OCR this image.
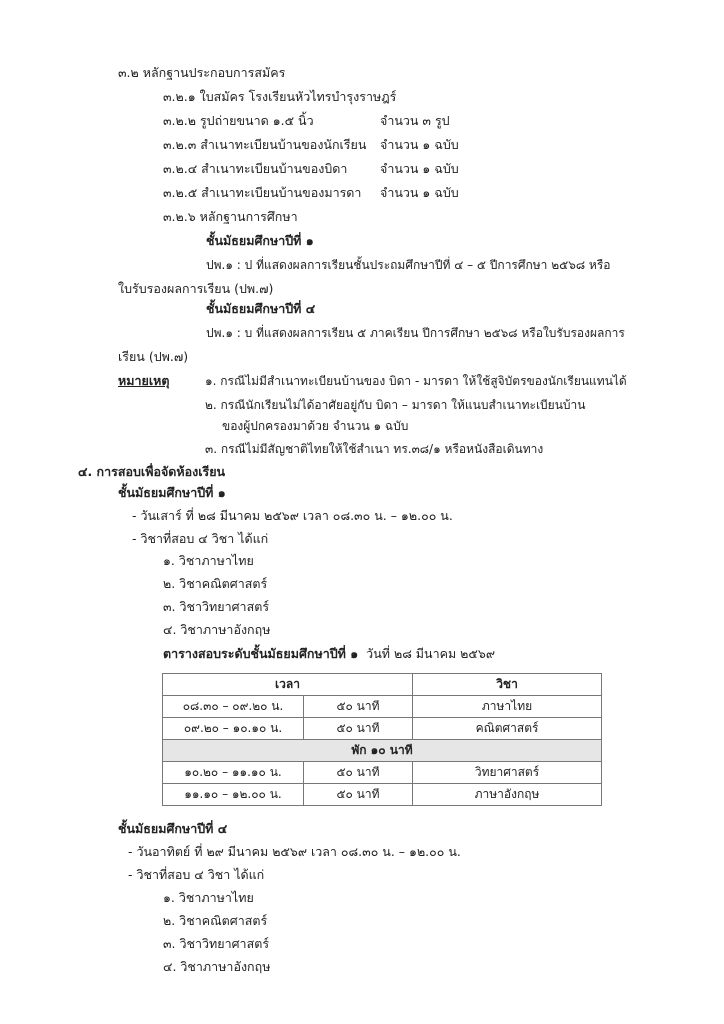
๓.๒ หลักฐานประกอบการสมัคร
๓.๒.๑ ใบสมัคร โรงเรียนหัวไทรบำรุงราษฎร์
๓.๒.๒ รูปถ่ายขนาด ๑.๕ นิ้ว	จำนวน ๓ รูป
๓.๒.๓ สำเนาทะเบียนบ้านของนักเรียน จำนวน ๑ ฉบับ
๓.๒.๔ สำเนาทะเบียนบ้านของบิดา	จำนวน ๑ ฉบับ
๓.๒.๕ สำเนาทะเบียนบ้านของมารดา จำนวน ๑ ฉบับ
๓.๒.๖ หลักฐานการศึกษา
ชั้นมัธยมศึกษาปีที่ ๑
ปพ.๑ : ป ที่แสดงผลการเรียนชั้นประถมศึกษาปีที่ ๔ – ๕ ปีการศึกษา ๒๕๖๘ หรือ
ใบรับรองผลการเรียน (ปพ.๗)
ชั้นมัธยมศึกษาปีที่ ๔
ปพ.๑ : บ ที่แสดงผลการเรียน ๕ ภาคเรียน ปีการศึกษา ๒๕๖๘ หรือใบรับรองผลการ
เรียน (ปพ.๗)
หมายเหตุ	๑. กรณีไม่มีสำเนาทะเบียนบ้านของ บิดา - มารดา ให้ใช้สูจิบัตรของนักเรียนแทนได้
๒. กรณีนักเรียนไม่ได้อาศัยอยู่กับ บิดา – มารดา ให้แนบสำเนาทะเบียนบ้าน
ของผู้ปกครองมาด้วย จำนวน ๑ ฉบับ
๓. กรณีไม่มีสัญชาติไทยให้ใช้สำเนา ทร.๓๘/๑ หรือหนังสือเดินทาง
๔. การสอบเพื่อจัดห้องเรียน
ชั้นมัธยมศึกษาปีที่ ๑
- วันเสาร์ ที่ ๒๘ มีนาคม ๒๕๖๙ เวลา ๐๘.๓๐ น. – ๑๒.๐๐ น.
- วิชาที่สอบ ๔ วิชา ได้แก่
๑. วิชาภาษาไทย
๒. วิชาคณิตศาสตร์
๓. วิชาวิทยาศาสตร์
๔. วิชาภาษาอังกฤษ
ตารางสอบระดับชั้นมัธยมศึกษาปีที่ ๑ วันที่ ๒๘ มีนาคม ๒๕๖๙
เวลา		วิชา
๐๘.๓๐ – ๐๙.๒๐ น.	๕๐ นาที	ภาษาไทย
๐๙.๒๐ – ๑๐.๑๐ น.	๕๐ นาที	คณิตศาสตร์
พัก ๑๐ นาที		
๑๐.๒๐ – ๑๑.๑๐ น.	๕๐ นาที	วิทยาศาสตร์
๑๑.๑๐ – ๑๒.๐๐ น.	๕๐ นาที	ภาษาอังกฤษ
ชั้นมัธยมศึกษาปีที่ ๔
- วันอาทิตย์ ที่ ๒๙ มีนาคม ๒๕๖๙ เวลา ๐๘.๓๐ น. – ๑๒.๐๐ น.
- วิชาที่สอบ ๔ วิชา ได้แก่
๑. วิชาภาษาไทย
๒. วิชาคณิตศาสตร์
๓. วิชาวิทยาศาสตร์
๔. วิชาภาษาอังกฤษ
